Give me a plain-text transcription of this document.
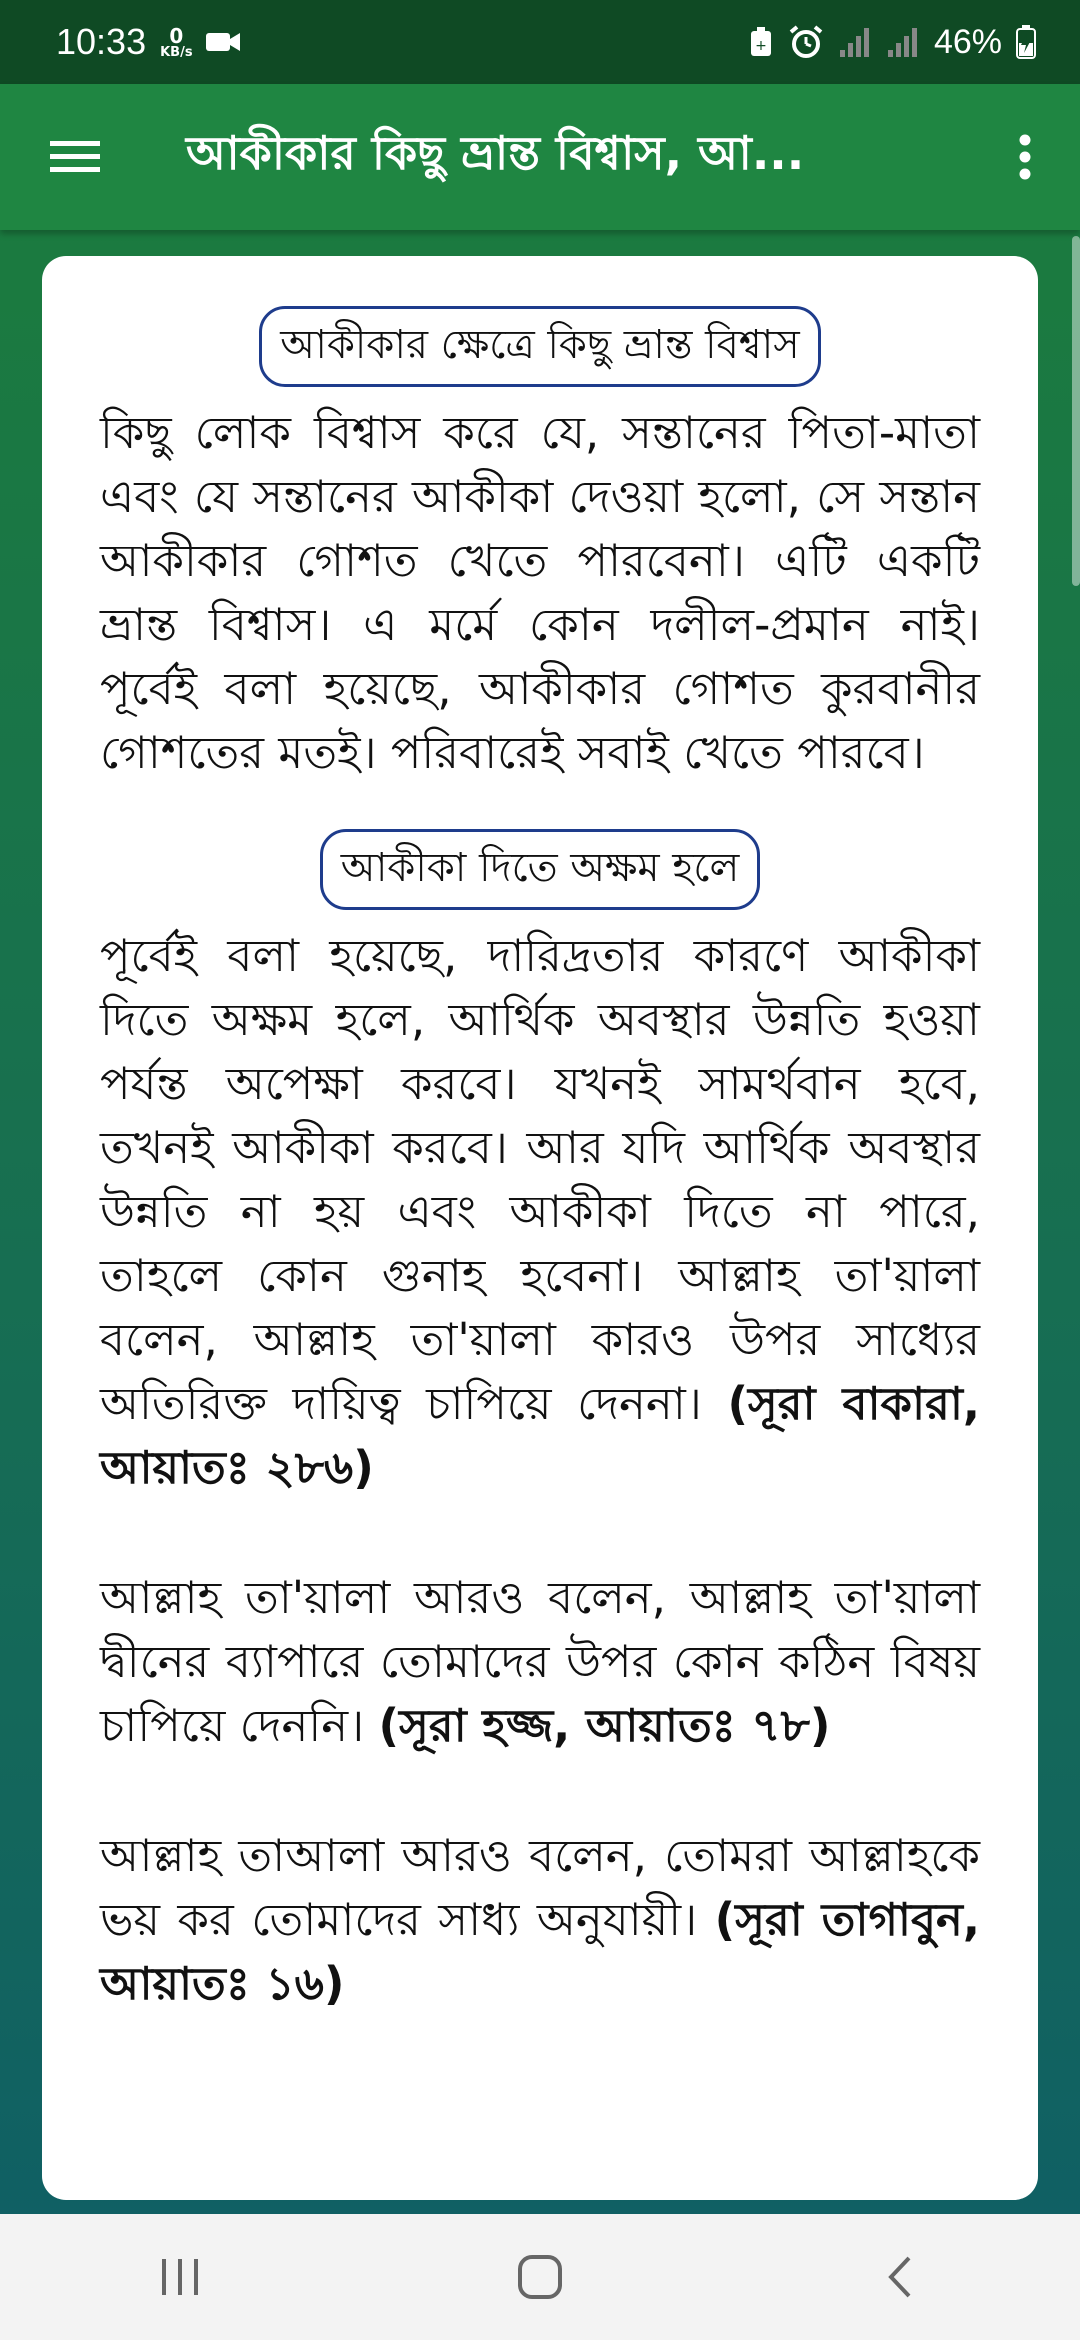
10:33 0
KB/s	+	46%
আকীকার কিছু ভ্রান্ত বিশ্বাস, আ...
আকীকার ক্ষেত্রে কিছু ভ্রান্ত বিশ্বাস

কিছু লোক বিশ্বাস করে যে, সন্তানের পিতা-মাতা এবং যে সন্তানের আকীকা দেওয়া হলো, সে সন্তান আকীকার গোশত খেতে পারবেনা। এটি একটি ভ্রান্ত বিশ্বাস। এ মর্মে কোন দলীল-প্রমান নাই। পূর্বেই বলা হয়েছে, আকীকার গোশত কুরবানীর গোশতের মতই। পরিবারেই সবাই খেতে পারবে।

আকীকা দিতে অক্ষম হলে

পূর্বেই বলা হয়েছে, দারিদ্রতার কারণে আকীকা দিতে অক্ষম হলে, আর্থিক অবস্থার উন্নতি হওয়া পর্যন্ত অপেক্ষা করবে। যখনই সামর্থবান হবে, তখনই আকীকা করবে। আর যদি আর্থিক অবস্থার উন্নতি না হয় এবং আকীকা দিতে না পারে, তাহলে কোন গুনাহ হবেনা। আল্লাহ তা'য়ালা বলেন, আল্লাহ তা'য়ালা কারও উপর সাধ্যের অতিরিক্ত দায়িত্ব চাপিয়ে দেননা। (সূরা বাকারা, আয়াতঃ ২৮৬)

আল্লাহ তা'য়ালা আরও বলেন, আল্লাহ তা'য়ালা দ্বীনের ব্যাপারে তোমাদের উপর কোন কঠিন বিষয় চাপিয়ে দেননি। (সূরা হজ্জ, আয়াতঃ ৭৮)

আল্লাহ তাআলা আরও বলেন, তোমরা আল্লাহকে ভয় কর তোমাদের সাধ্য অনুযায়ী। (সূরা তাগাবুন, আয়াতঃ ১৬)
